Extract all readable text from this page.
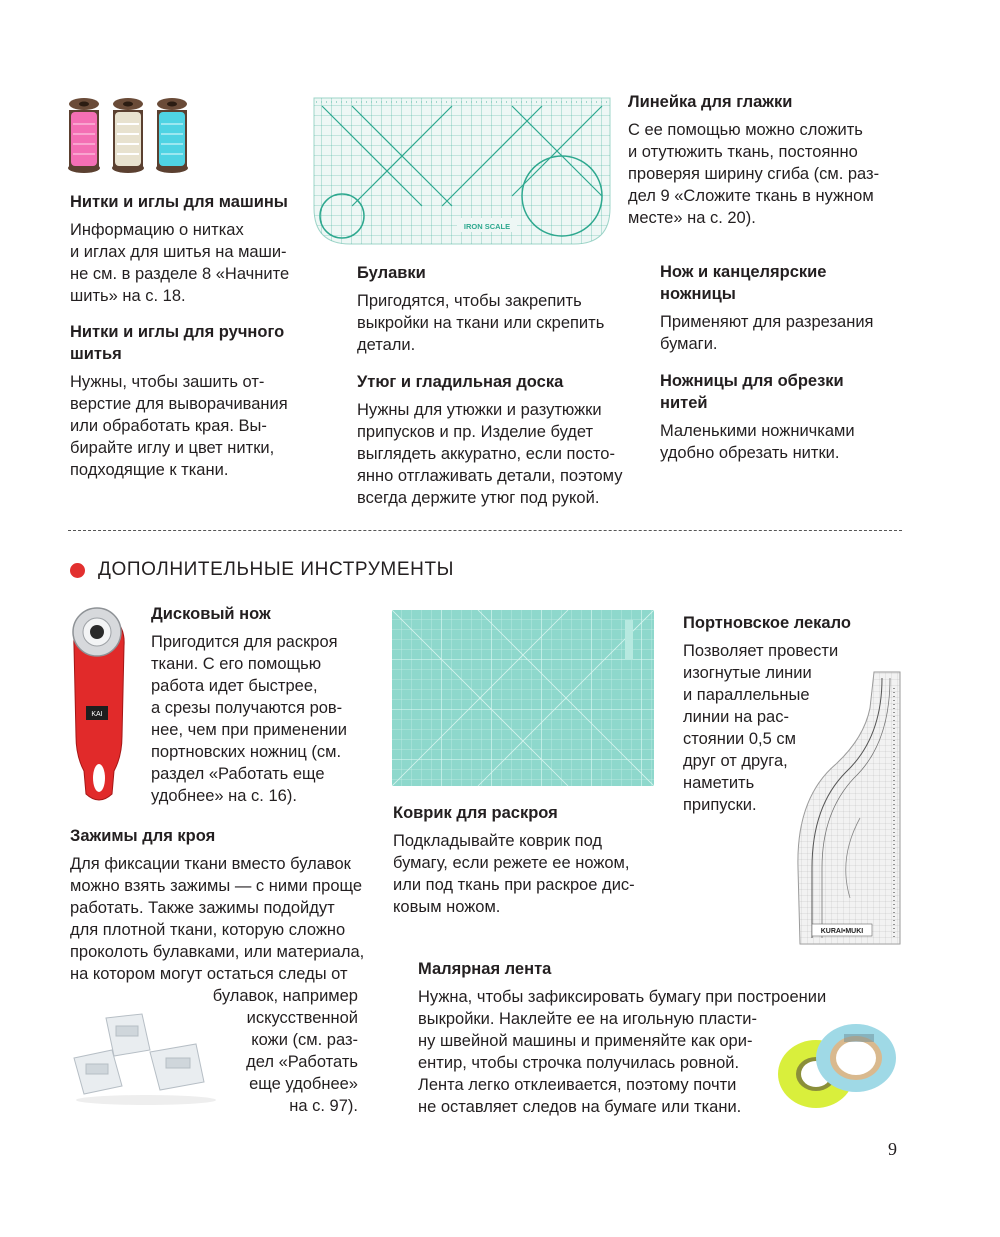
IRON SCALE
Нитки и иглы для машины
Информацию о нитках
и иглах для шитья на маши-
не см. в разделе 8 «Начните
шить» на с. 18.
Нитки и иглы для ручного
шитья
Нужны, чтобы зашить от-
верстие для выворачивания
или обработать края. Вы-
бирайте иглу и цвет нитки,
подходящие к ткани.
Линейка для глажки
С ее помощью можно сложить
и отутюжить ткань, постоянно
проверяя ширину сгиба (см. раз-
дел 9 «Сложите ткань в нужном
месте» на с. 20).
Булавки
Пригодятся, чтобы закрепить
выкройки на ткани или скрепить
детали.
Утюг и гладильная доска
Нужны для утюжки и разутюжки
припусков и пр. Изделие будет
выглядеть аккуратно, если посто-
янно отглаживать детали, поэтому
всегда держите утюг под рукой.
Нож и канцелярские
ножницы
Применяют для разрезания
бумаги.
Ножницы для обрезки
нитей
Маленькими ножничками
удобно обрезать нитки.
ДОПОЛНИТЕЛЬНЫЕ ИНСТРУМЕНТЫ
KAI
KURAI•MUKI
Дисковый нож
Пригодится для раскроя
ткани. С его помощью
работа идет быстрее,
а срезы получаются ров-
нее, чем при применении
портновских ножниц (см.
раздел «Работать еще
удобнее» на с. 16).
Зажимы для кроя
Для фиксации ткани вместо булавок
можно взять зажимы — с ними проще
работать. Также зажимы подойдут
для плотной ткани, которую сложно
проколоть булавками, или материала,
на котором могут остаться следы от
булавок, например
искусственной
кожи (см. раз-
дел «Работать
еще удобнее»
на с. 97).
Коврик для раскроя
Подкладывайте коврик под
бумагу, если режете ее ножом,
или под ткань при раскрое дис-
ковым ножом.
Портновское лекало
Позволяет провести
изогнутые линии
и параллельные
линии на рас-
стоянии 0,5 см
друг от друга,
наметить
припуски.
Малярная лента
Нужна, чтобы зафиксировать бумагу при построении
выкройки. Наклейте ее на игольную пласти-
ну швейной машины и применяйте как ори-
ентир, чтобы строчка получилась ровной.
Лента легко отклеивается, поэтому почти
не оставляет следов на бумаге или ткани.
9
